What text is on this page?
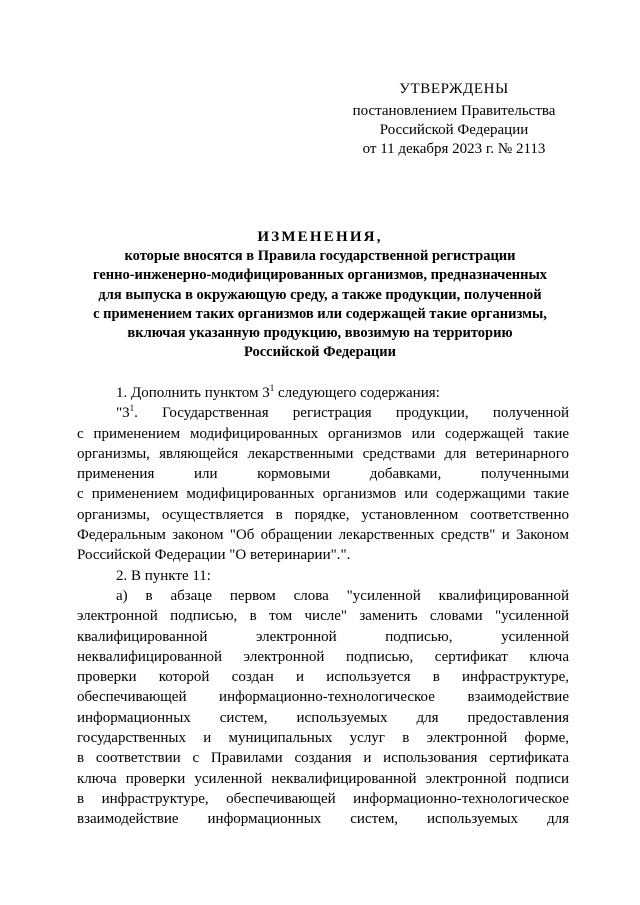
УТВЕРЖДЕНЫ
постановлением Правительства
Российской Федерации
от 11 декабря 2023 г. № 2113
ИЗМЕНЕНИЯ,
которые вносятся в Правила государственной регистрации
генно-инженерно-модифицированных организмов, предназначенных
для выпуска в окружающую среду, а также продукции, полученной
с применением таких организмов или содержащей такие организмы,
включая указанную продукцию, ввозимую на территорию
Российской Федерации
1. Дополнить пунктом $3^1$ следующего содержания:
"$3^1$. Государственная регистрация продукции, полученной
с применением модифицированных организмов или содержащей такие
организмы, являющейся лекарственными средствами для ветеринарного
применения или кормовыми добавками, полученными
с применением модифицированных организмов или содержащими такие
организмы, осуществляется в порядке, установленном соответственно
Федеральным законом "Об обращении лекарственных средств" и Законом
Российской Федерации "О ветеринарии".".
2. В пункте 11:
а) в абзаце первом слова "усиленной квалифицированной
электронной подписью, в том числе" заменить словами "усиленной
квалифицированной электронной подписью, усиленной
неквалифицированной электронной подписью, сертификат ключа
проверки которой создан и используется в инфраструктуре,
обеспечивающей информационно-технологическое взаимодействие
информационных систем, используемых для предоставления
государственных и муниципальных услуг в электронной форме,
в соответствии с Правилами создания и использования сертификата
ключа проверки усиленной неквалифицированной электронной подписи
в инфраструктуре, обеспечивающей информационно-технологическое
взаимодействие информационных систем, используемых для
